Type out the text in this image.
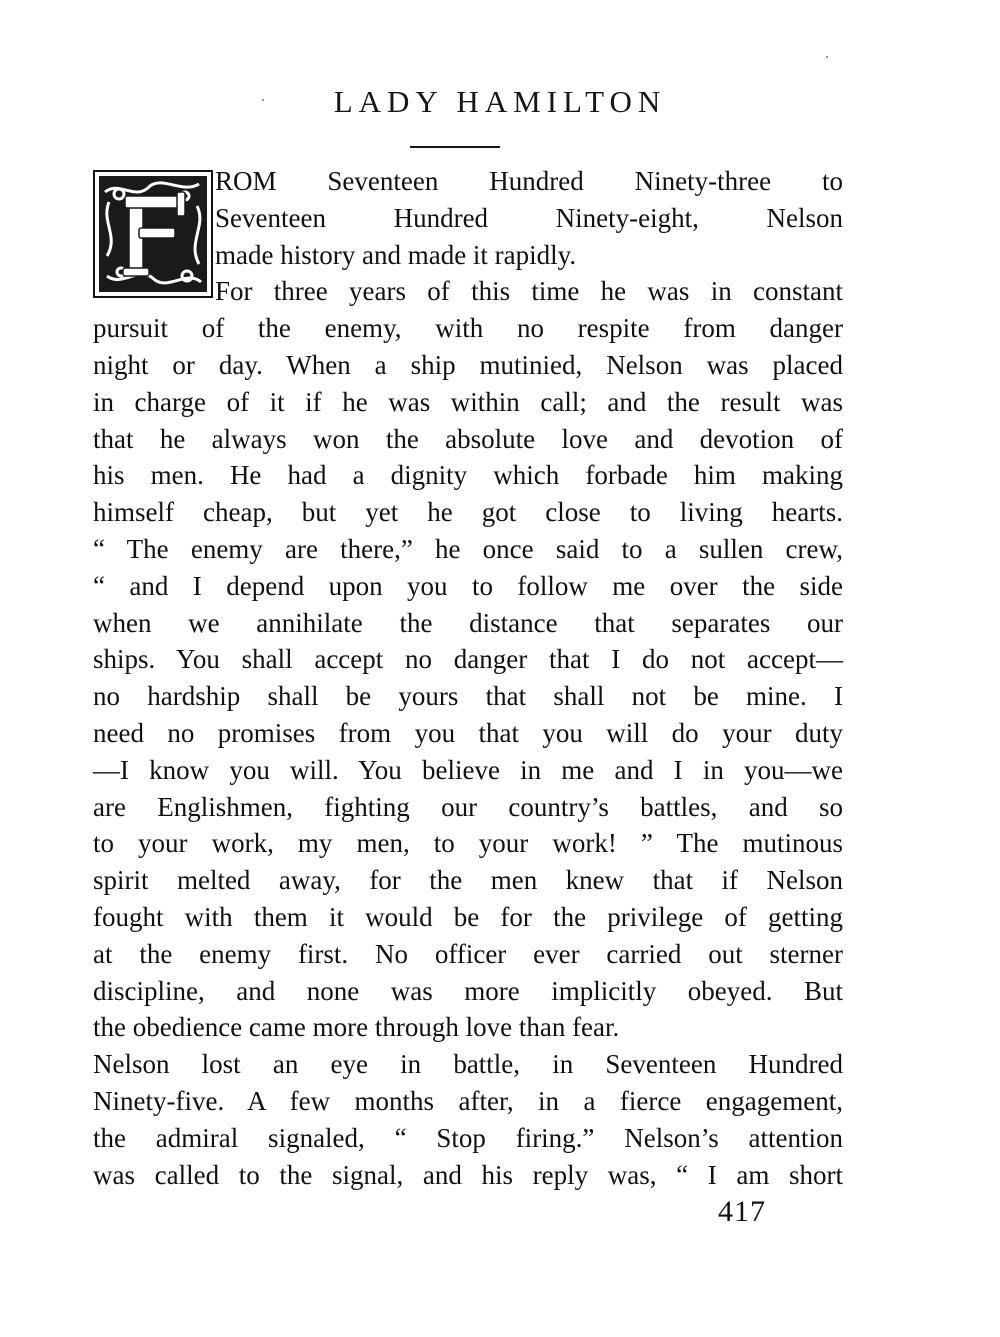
LADY HAMILTON
ROM Seventeen Hundred Ninety-three to
Seventeen Hundred Ninety-eight, Nelson
made history and made it rapidly.
For three years of this time he was in constant
pursuit of the enemy, with no respite from danger
night or day. When a ship mutinied, Nelson was placed
in charge of it if he was within call; and the result was
that he always won the absolute love and devotion of
his men. He had a dignity which forbade him making
himself cheap, but yet he got close to living hearts.
“ The enemy are there,” he once said to a sullen crew,
“ and I depend upon you to follow me over the side
when we annihilate the distance that separates our
ships. You shall accept no danger that I do not accept—
no hardship shall be yours that shall not be mine. I
need no promises from you that you will do your duty
—I know you will. You believe in me and I in you—we
are Englishmen, fighting our country’s battles, and so
to your work, my men, to your work! ” The mutinous
spirit melted away, for the men knew that if Nelson
fought with them it would be for the privilege of getting
at the enemy first. No officer ever carried out sterner
discipline, and none was more implicitly obeyed. But
the obedience came more through love than fear.
Nelson lost an eye in battle, in Seventeen Hundred
Ninety-five. A few months after, in a fierce engagement,
the admiral signaled, “ Stop firing.” Nelson’s attention
was called to the signal, and his reply was, “ I am short
417
